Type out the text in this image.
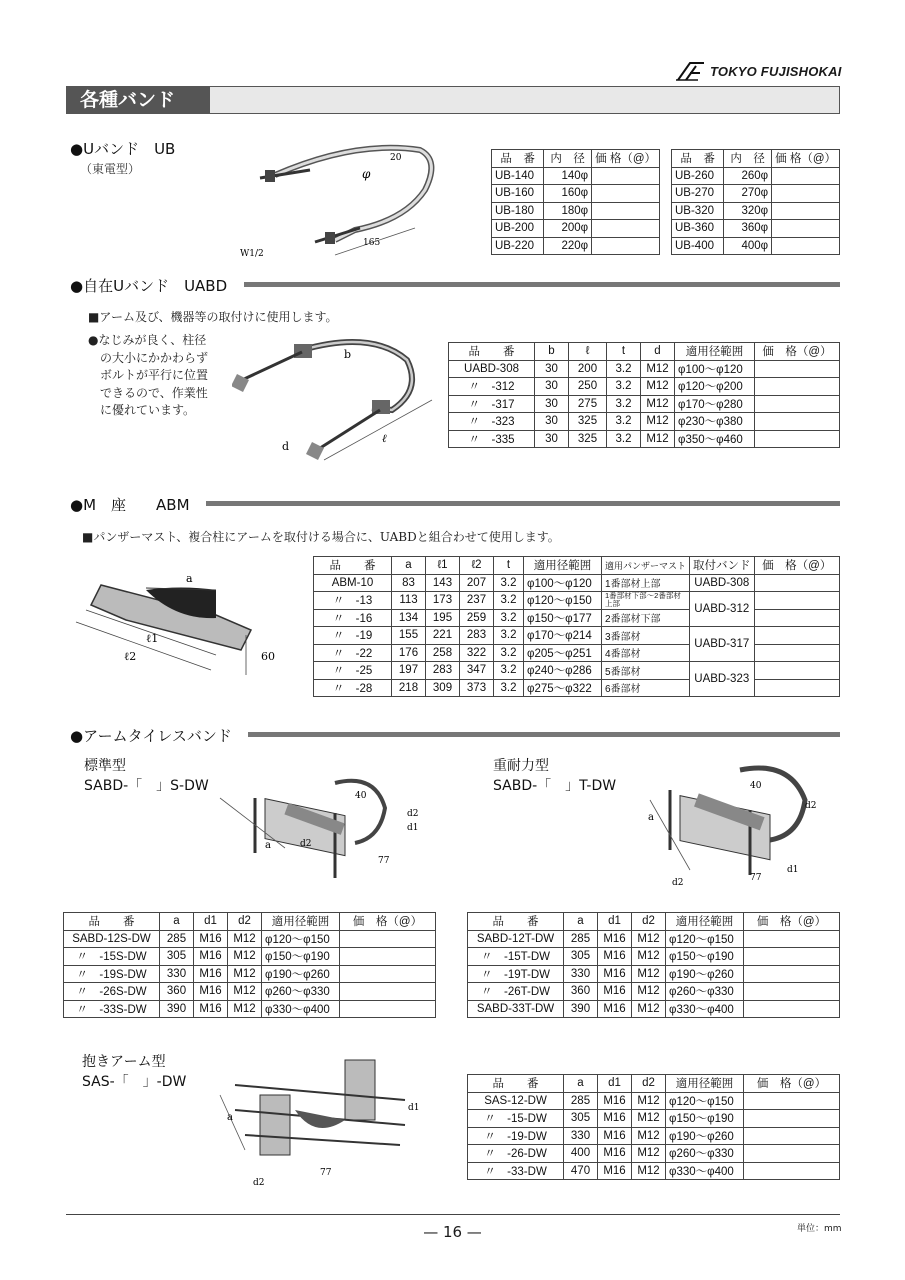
TOKYO FUJISHOKAI
各種バンド
●Uバンド　UB
（東電型）
20
φ
165
W1/2
品　番	内　径	価 格（@）
UB-140	140φ	
UB-160	160φ	
UB-180	180φ	
UB-200	200φ	
UB-220	220φ	
品　番	内　径	価 格（@）
UB-260	260φ	
UB-270	270φ	
UB-320	320φ	
UB-360	360φ	
UB-400	400φ	
●自在Uバンド　UABD
■アーム及び、機器等の取付けに使用します。
●なじみが良く、柱径
の大小にかかわらず
ボルトが平行に位置
できるので、作業性
に優れています。
b
d
ℓ
品　　番	b	ℓ	t	d	適用径範囲	価　格（@）
UABD-308	30	200	3.2	M12	φ100〜φ120	
〃　-312	30	250	3.2	M12	φ120〜φ200	
〃　-317	30	275	3.2	M12	φ170〜φ280	
〃　-323	30	325	3.2	M12	φ230〜φ380	
〃　-335	30	325	3.2	M12	φ350〜φ460	
●M　座　　ABM
■パンザーマスト、複合柱にアームを取付ける場合に、UABDと組合わせて使用します。
a
ℓ1
ℓ2	60
品　　番	a	ℓ1	ℓ2	t	適用径範囲	適用パンザーマスト	取付バンド	価　格（@）
ABM-10	83	143	207	3.2	φ100〜φ120	1番部材上部	UABD-308	
〃　-13	113	173	237	3.2	φ120〜φ150	1番部材下部〜2番部材上部	UABD-312	
〃　-16	134	195	259	3.2	φ150〜φ177	2番部材下部		
〃　-19	155	221	283	3.2	φ170〜φ214	3番部材	UABD-317	
〃　-22	176	258	322	3.2	φ205〜φ251	4番部材		
〃　-25	197	283	347	3.2	φ240〜φ286	5番部材	UABD-323	
〃　-28	218	309	373	3.2	φ275〜φ322	6番部材		
●アームタイレスバンド
標準型
SABD-「　」S-DW
重耐力型
SABD-「　」T-DW
40
d2
d2
d1
a
77
40
d2
d1
a
77
d2
品　　番	a	d1	d2	適用径範囲	価　格（@）
SABD-12S-DW	285	M16	M12	φ120〜φ150	
〃　-15S-DW	305	M16	M12	φ150〜φ190	
〃　-19S-DW	330	M16	M12	φ190〜φ260	
〃　-26S-DW	360	M16	M12	φ260〜φ330	
〃　-33S-DW	390	M16	M12	φ330〜φ400	
品　　番	a	d1	d2	適用径範囲	価　格（@）
SABD-12T-DW	285	M16	M12	φ120〜φ150	
〃　-15T-DW	305	M16	M12	φ150〜φ190	
〃　-19T-DW	330	M16	M12	φ190〜φ260	
〃　-26T-DW	360	M16	M12	φ260〜φ330	
SABD-33T-DW	390	M16	M12	φ330〜φ400	
抱きアーム型
SAS-「　」-DW
a
d1
77
d2
品　　番	a	d1	d2	適用径範囲	価　格（@）
SAS-12-DW	285	M16	M12	φ120〜φ150	
〃　-15-DW	305	M16	M12	φ150〜φ190	
〃　-19-DW	330	M16	M12	φ190〜φ260	
〃　-26-DW	400	M16	M12	φ260〜φ330	
〃　-33-DW	470	M16	M12	φ330〜φ400	
— 16 —	単位：mm
